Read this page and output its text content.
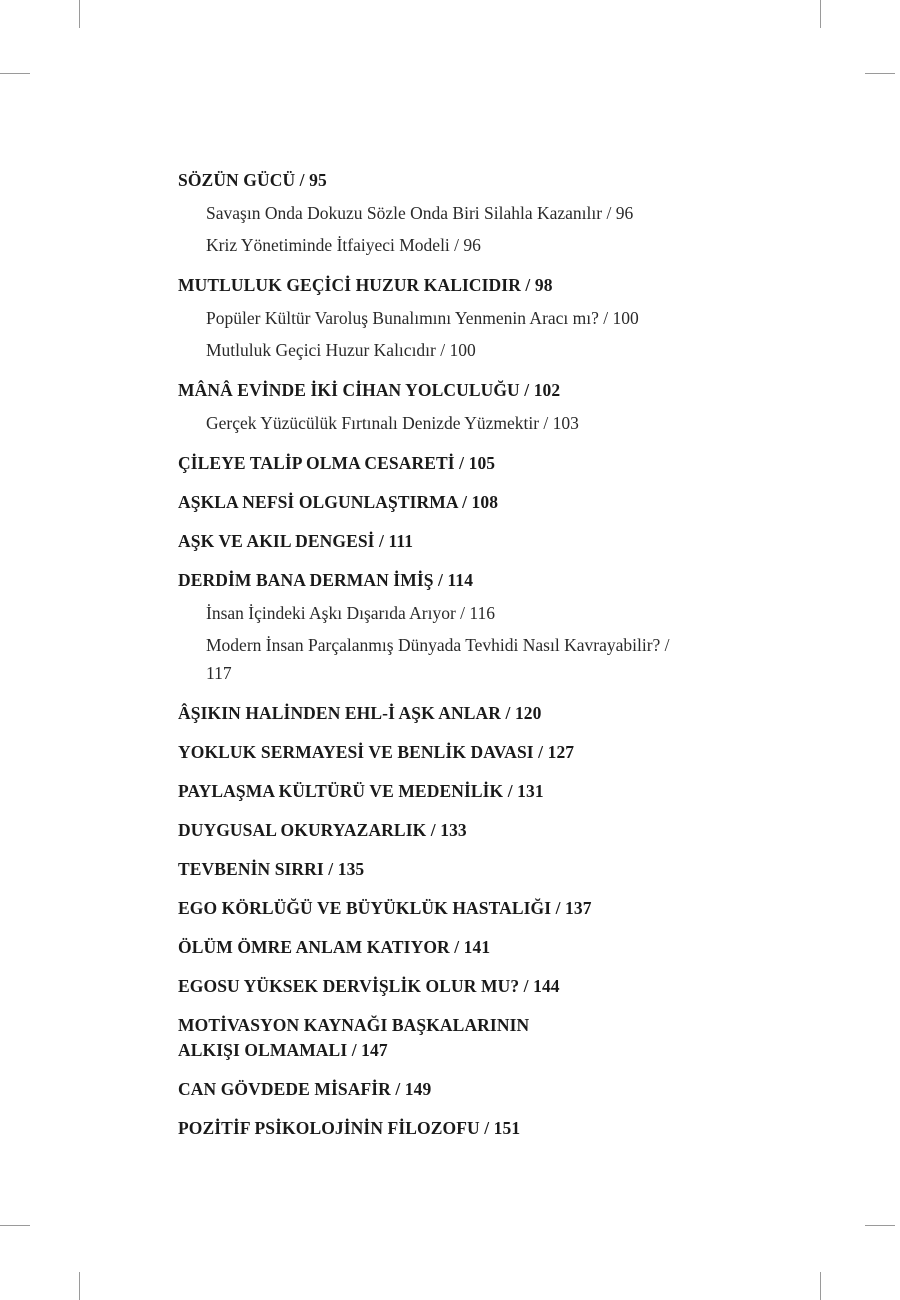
SÖZÜN GÜCÜ / 95
Savaşın Onda Dokuzu Sözle Onda Biri Silahla Kazanılır / 96
Kriz Yönetiminde İtfaiyeci Modeli / 96
MUTLULUK GEÇİCİ HUZUR KALICIDIR / 98
Popüler Kültür Varoluş Bunalımını Yenmenin Aracı mı? / 100
Mutluluk Geçici Huzur Kalıcıdır / 100
MÂNÂ EVİNDE İKİ CİHAN YOLCULUĞU / 102
Gerçek Yüzücülük Fırtınalı Denizde Yüzmektir / 103
ÇİLEYE TALİP OLMA CESARETİ / 105
AŞKLA NEFSİ OLGUNLAŞTIRMA / 108
AŞK VE AKIL DENGESİ / 111
DERDİM BANA DERMAN İMİŞ / 114
İnsan İçindeki Aşkı Dışarıda Arıyor / 116
Modern İnsan Parçalanmış Dünyada Tevhidi Nasıl Kavrayabilir? / 117
ÂŞIKIN HALİNDEN EHL-İ AŞK ANLAR / 120
YOKLUK SERMAYESİ VE BENLİK DAVASI / 127
PAYLAŞMA KÜLTÜRÜ VE MEDENİLİK / 131
DUYGUSAL OKURYAZARLIK / 133
TEVBENİN SIRRI / 135
EGO KÖRLÜĞÜ VE BÜYÜKLÜK HASTALIĞI / 137
ÖLÜM ÖMRE ANLAM KATIYOR / 141
EGOSU YÜKSEK DERVİŞLİK OLUR MU? / 144
MOTİVASYON KAYNAĞI BAŞKALARININ ALKIŞI OLMAMALI / 147
CAN GÖVDEDE MİSAFİR / 149
POZİTİF PSİKOLOJİNİN FİLOZOFU / 151
